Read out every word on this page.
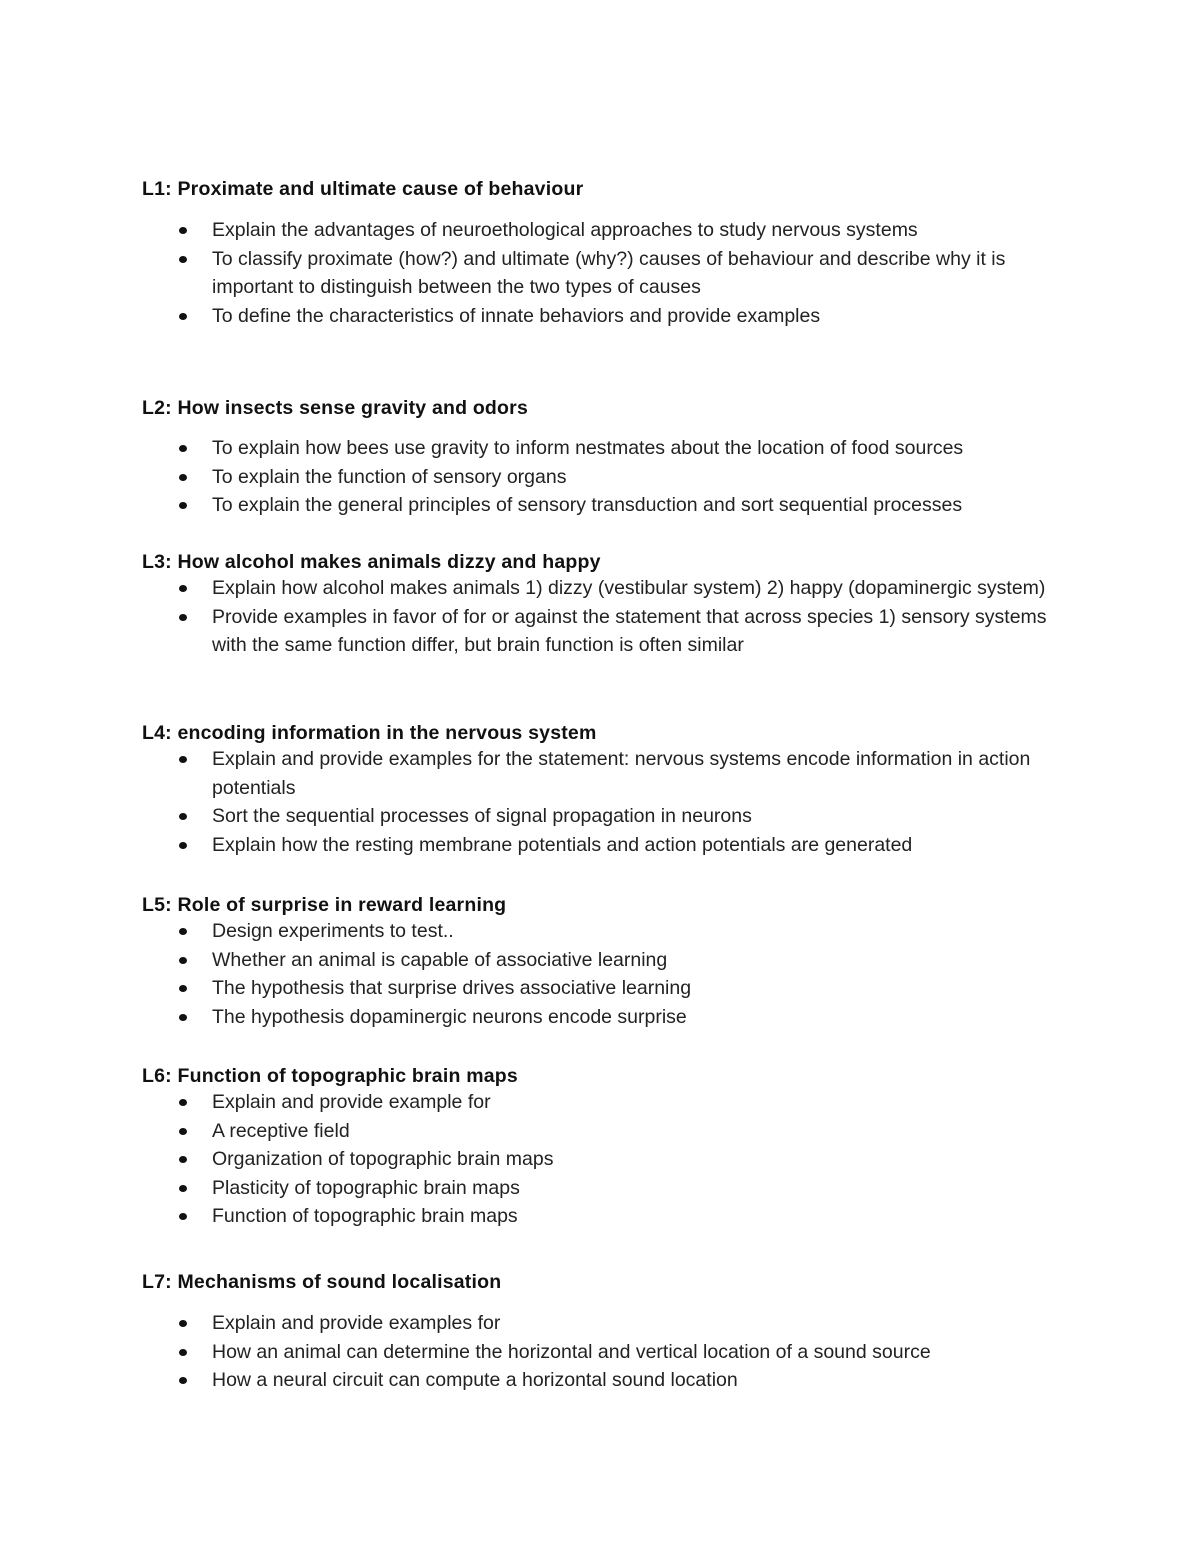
L1: Proximate and ultimate cause of behaviour
Explain the advantages of neuroethological approaches to study nervous systems
To classify proximate (how?) and ultimate (why?) causes of behaviour and describe why it is important to distinguish between the two types of causes
To define the characteristics of innate behaviors and provide examples
L2: How insects sense gravity and odors
To explain how bees use gravity to inform nestmates about the location of food sources
To explain the function of sensory organs
To explain the general principles of sensory transduction and sort sequential processes
L3: How alcohol makes animals dizzy and happy
Explain how alcohol makes animals 1) dizzy (vestibular system) 2) happy (dopaminergic system)
Provide examples in favor of for or against the statement that across species 1) sensory systems with the same function differ, but brain function is often similar
L4: encoding information in the nervous system
Explain and provide examples for the statement: nervous systems encode information in action potentials
Sort the sequential processes of signal propagation in neurons
Explain how the resting membrane potentials and action potentials are generated
L5: Role of surprise in reward learning
Design experiments to test..
Whether an animal is capable of associative learning
The hypothesis that surprise drives associative learning
The hypothesis dopaminergic neurons encode surprise
L6: Function of topographic brain maps
Explain and provide example for
A receptive field
Organization of topographic brain maps
Plasticity of topographic brain maps
Function of topographic brain maps
L7: Mechanisms of sound localisation
Explain and provide examples for
How an animal can determine the horizontal and vertical location of a sound source
How a neural circuit can compute a horizontal sound location
